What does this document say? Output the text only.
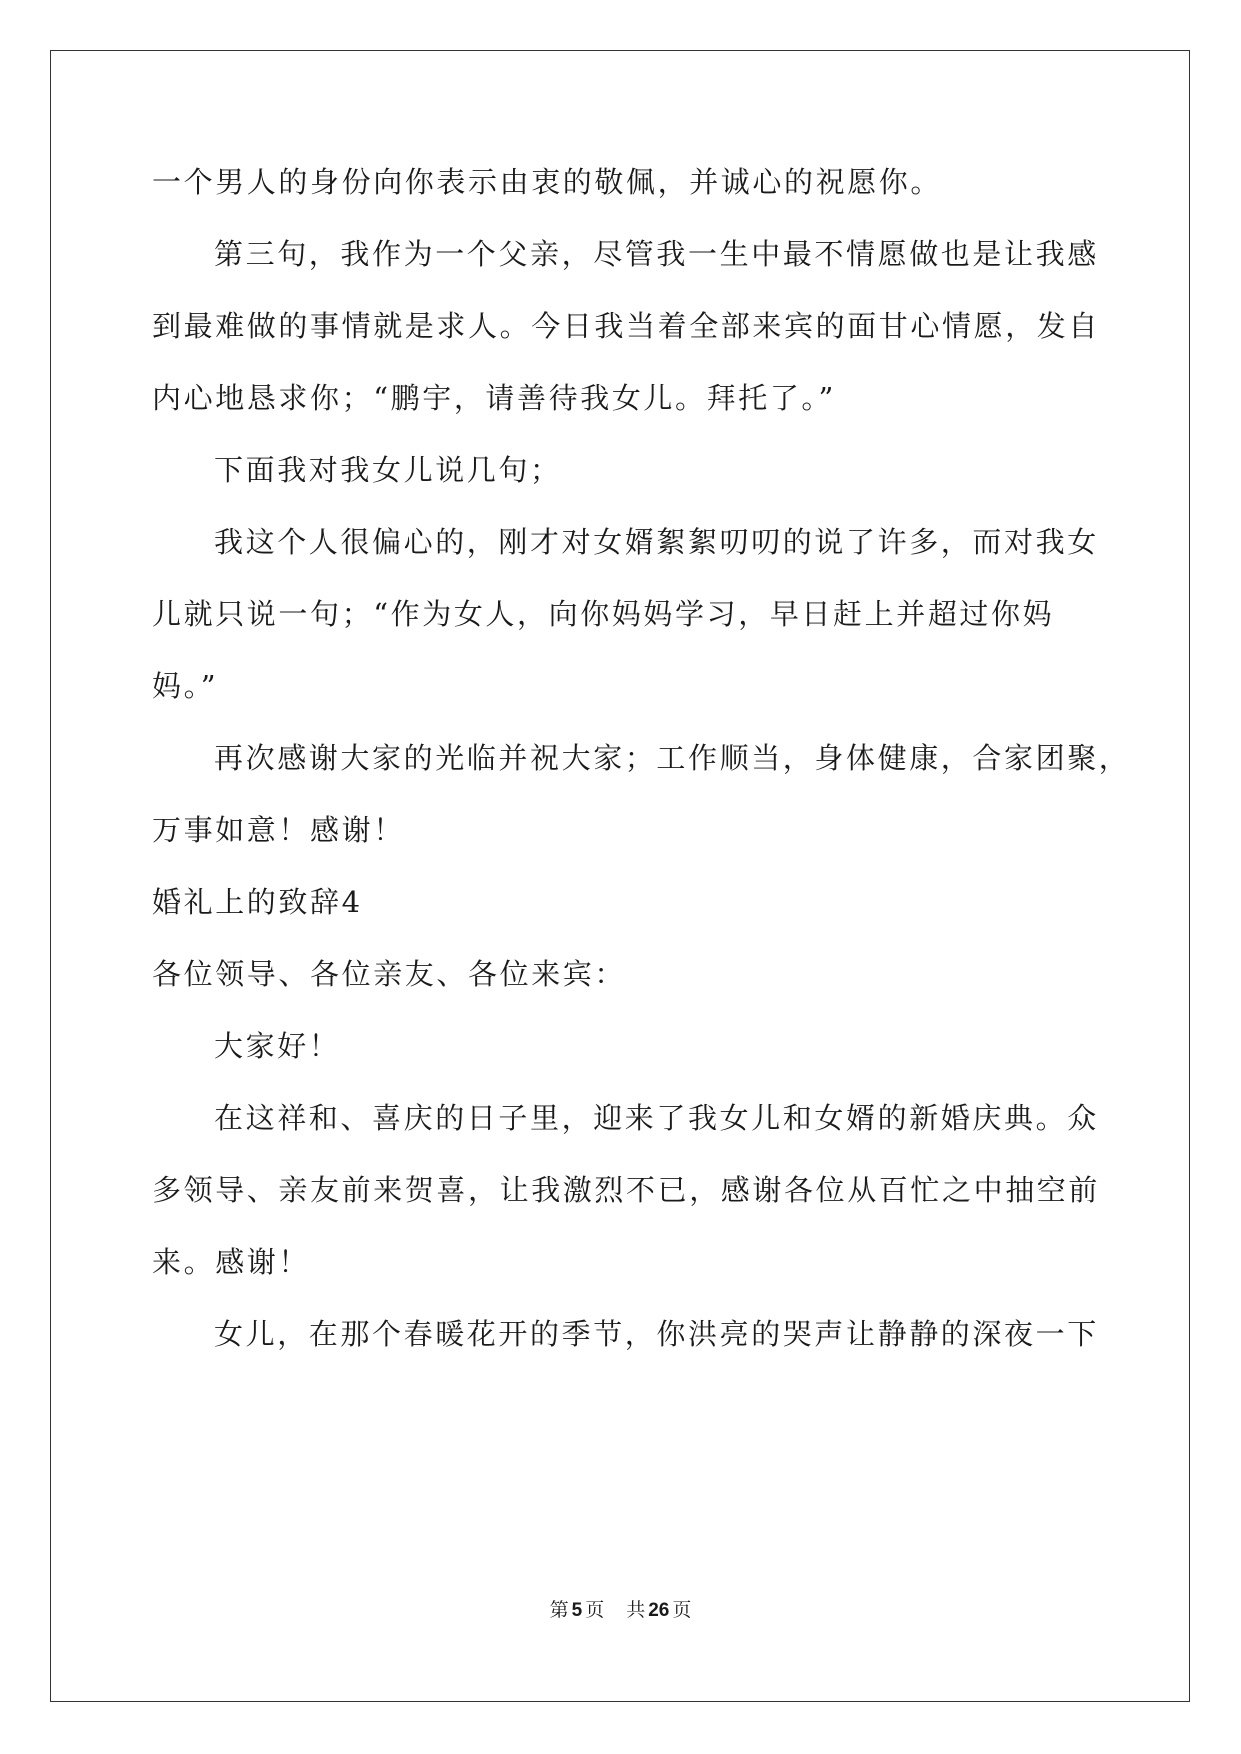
一个男人的身份向你表示由衷的敬佩，并诚心的祝愿你。

第三句，我作为一个父亲，尽管我一生中最不情愿做也是让我感

到最难做的事情就是求人。今日我当着全部来宾的面甘心情愿，发自

内心地恳求你；“鹏宇，请善待我女儿。拜托了。”

下面我对我女儿说几句；

我这个人很偏心的，刚才对女婿絮絮叨叨的说了许多，而对我女

儿就只说一句；“作为女人，向你妈妈学习，早日赶上并超过你妈

妈。”

再次感谢大家的光临并祝大家；工作顺当，身体健康，合家团聚，

万事如意！感谢！

婚礼上的致辞4

各位领导、各位亲友、各位来宾：

大家好！

在这祥和、喜庆的日子里，迎来了我女儿和女婿的新婚庆典。众

多领导、亲友前来贺喜，让我激烈不已，感谢各位从百忙之中抽空前

来。感谢！

女儿，在那个春暖花开的季节，你洪亮的哭声让静静的深夜一下

第 5 页 共 26 页
